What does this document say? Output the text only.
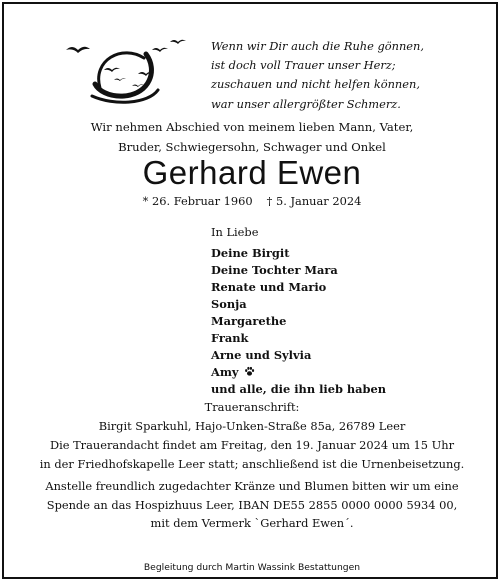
Wenn wir Dir auch die Ruhe gönnen,
ist doch voll Trauer unser Herz;
zuschauen und nicht helfen können,
war unser allergrößter Schmerz.
Wir nehmen Abschied von meinem lieben Mann, Vater,
Bruder, Schwiegersohn, Schwager und Onkel
Gerhard Ewen
* 26. Februar 1960 † 5. Januar 2024
In Liebe
Deine Birgit
Deine Tochter Mara
Renate und Mario
Sonja
Margarethe
Frank
Arne und Sylvia
Amy
und alle, die ihn lieb haben
Traueranschrift:
Birgit Sparkuhl, Hajo-Unken-Straße 85a, 26789 Leer
Die Trauerandacht findet am Freitag, den 19. Januar 2024 um 15 Uhr
in der Friedhofskapelle Leer statt; anschließend ist die Urnenbeisetzung.
Anstelle freundlich zugedachter Kränze und Blumen bitten wir um eine
Spende an das Hospizhuus Leer, IBAN DE55 2855 0000 0000 5934 00,
mit dem Vermerk `Gerhard Ewen´.
Begleitung durch Martin Wassink Bestattungen
